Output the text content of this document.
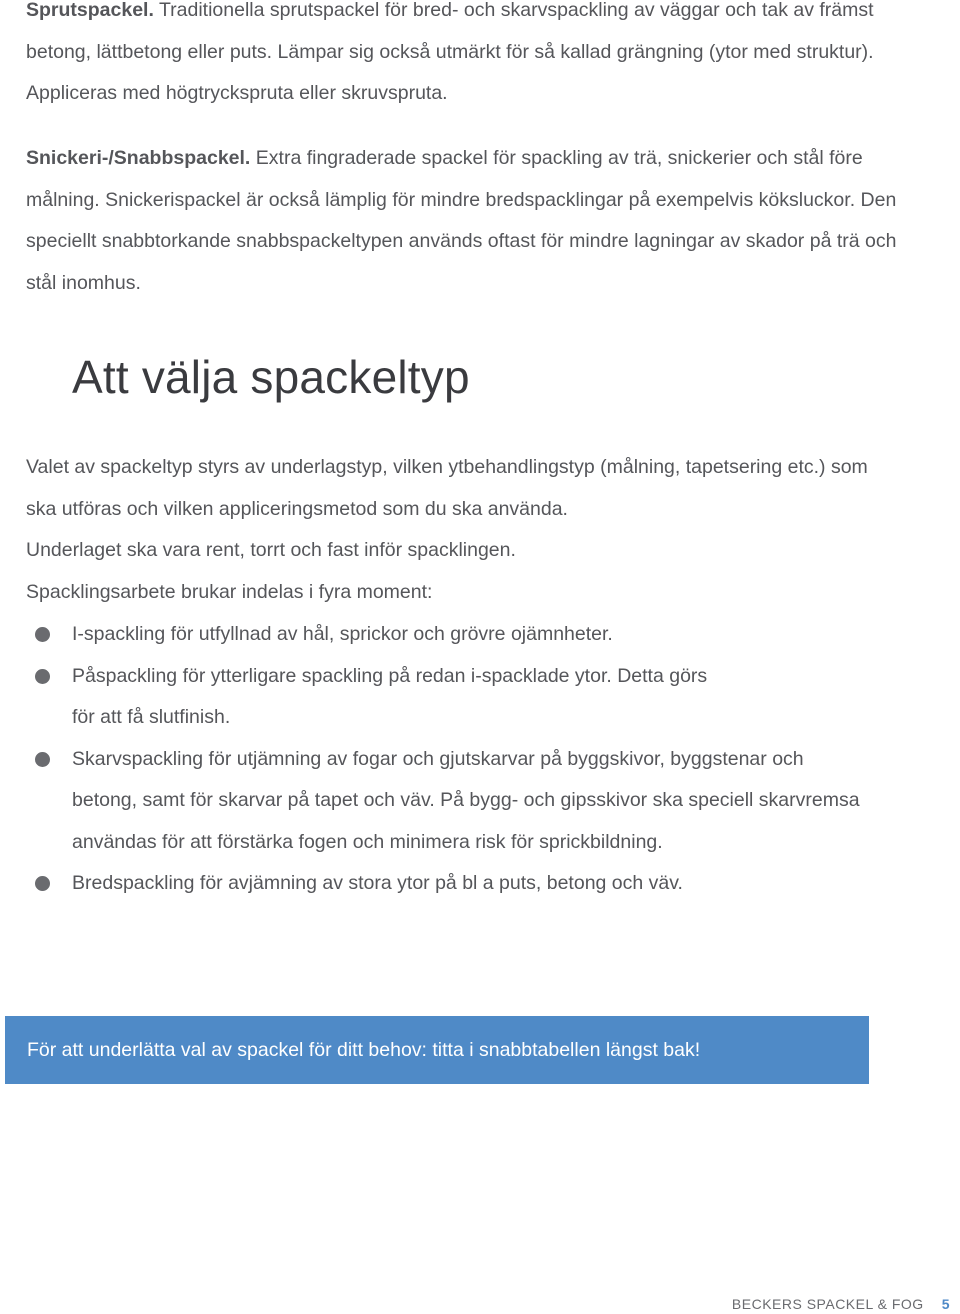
Sprutspackel. Traditionella sprutspackel för bred- och skarvspackling av väggar och tak av främst betong, lättbetong eller puts. Lämpar sig också utmärkt för så kallad grängning (ytor med struktur). Appliceras med högtryckspruta eller skruvspruta.

Snickeri-/Snabbspackel. Extra fingraderade spackel för spackling av trä, snickerier och stål före målning. Snickerispackel är också lämplig för mindre bredspacklingar på exempelvis köksluckor. Den speciellt snabbtorkande snabbspackeltypen används oftast för mindre lagningar av skador på trä och stål inomhus.

Att välja spackeltyp

Valet av spackeltyp styrs av underlagstyp, vilken ytbehandlingstyp (målning, tapetsering etc.) som ska utföras och vilken appliceringsmetod som du ska använda.

Underlaget ska vara rent, torrt och fast inför spacklingen.

Spacklingsarbete brukar indelas i fyra moment:

I-spackling för utfyllnad av hål, sprickor och grövre ojämnheter.
Påspackling för ytterligare spackling på redan i-spacklade ytor. Detta görs för att få slutfinish.
Skarvspackling för utjämning av fogar och gjutskarvar på byggskivor, byggstenar och betong, samt för skarvar på tapet och väv. På bygg- och gipsskivor ska speciell skarvremsa användas för att förstärka fogen och minimera risk för sprickbildning.
Bredspackling för avjämning av stora ytor på bl a puts, betong och väv.
För att underlätta val av spackel för ditt behov: titta i snabbtabellen längst bak!
BECKERS SPACKEL & FOG 5
